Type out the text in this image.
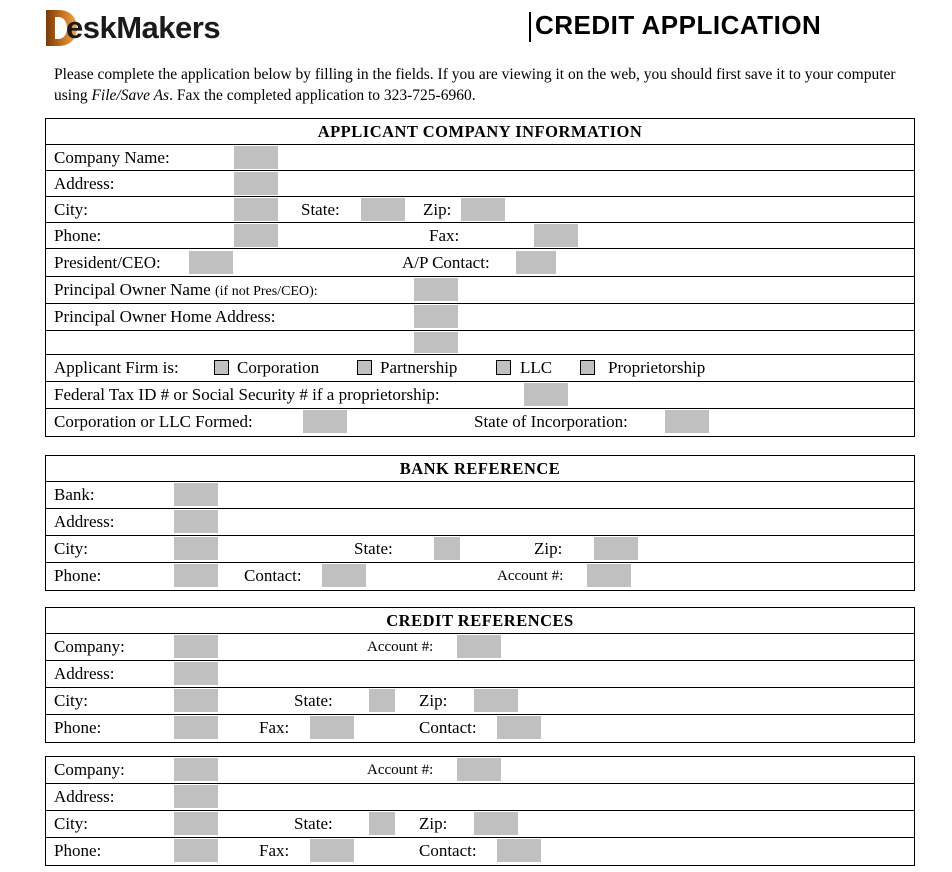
eskMakers	CREDIT APPLICATION
Please complete the application below by filling in the fields. If you are viewing it on the web, you should first save it to your computer using File/Save As. Fax the completed application to 323-725-6960.
APPLICANT COMPANY INFORMATION
Company Name:
Address:
City:	State:	Zip:
Phone:	Fax:
President/CEO:	A/P Contact:
Principal Owner Name (if not Pres/CEO):
Principal Owner Home Address:
Applicant Firm is:	Corporation	Partnership	LLC	Proprietorship
Federal Tax ID # or Social Security # if a proprietorship:
Corporation or LLC Formed:	State of Incorporation:
BANK REFERENCE
Bank:
Address:
City:	State:	Zip:
Phone:	Contact:	Account #:
CREDIT REFERENCES
Company:	Account #:
Address:
City:	State:	Zip:
Phone:	Fax:	Contact:
Company:	Account #:
Address:
City:	State:	Zip:
Phone:	Fax:	Contact:
